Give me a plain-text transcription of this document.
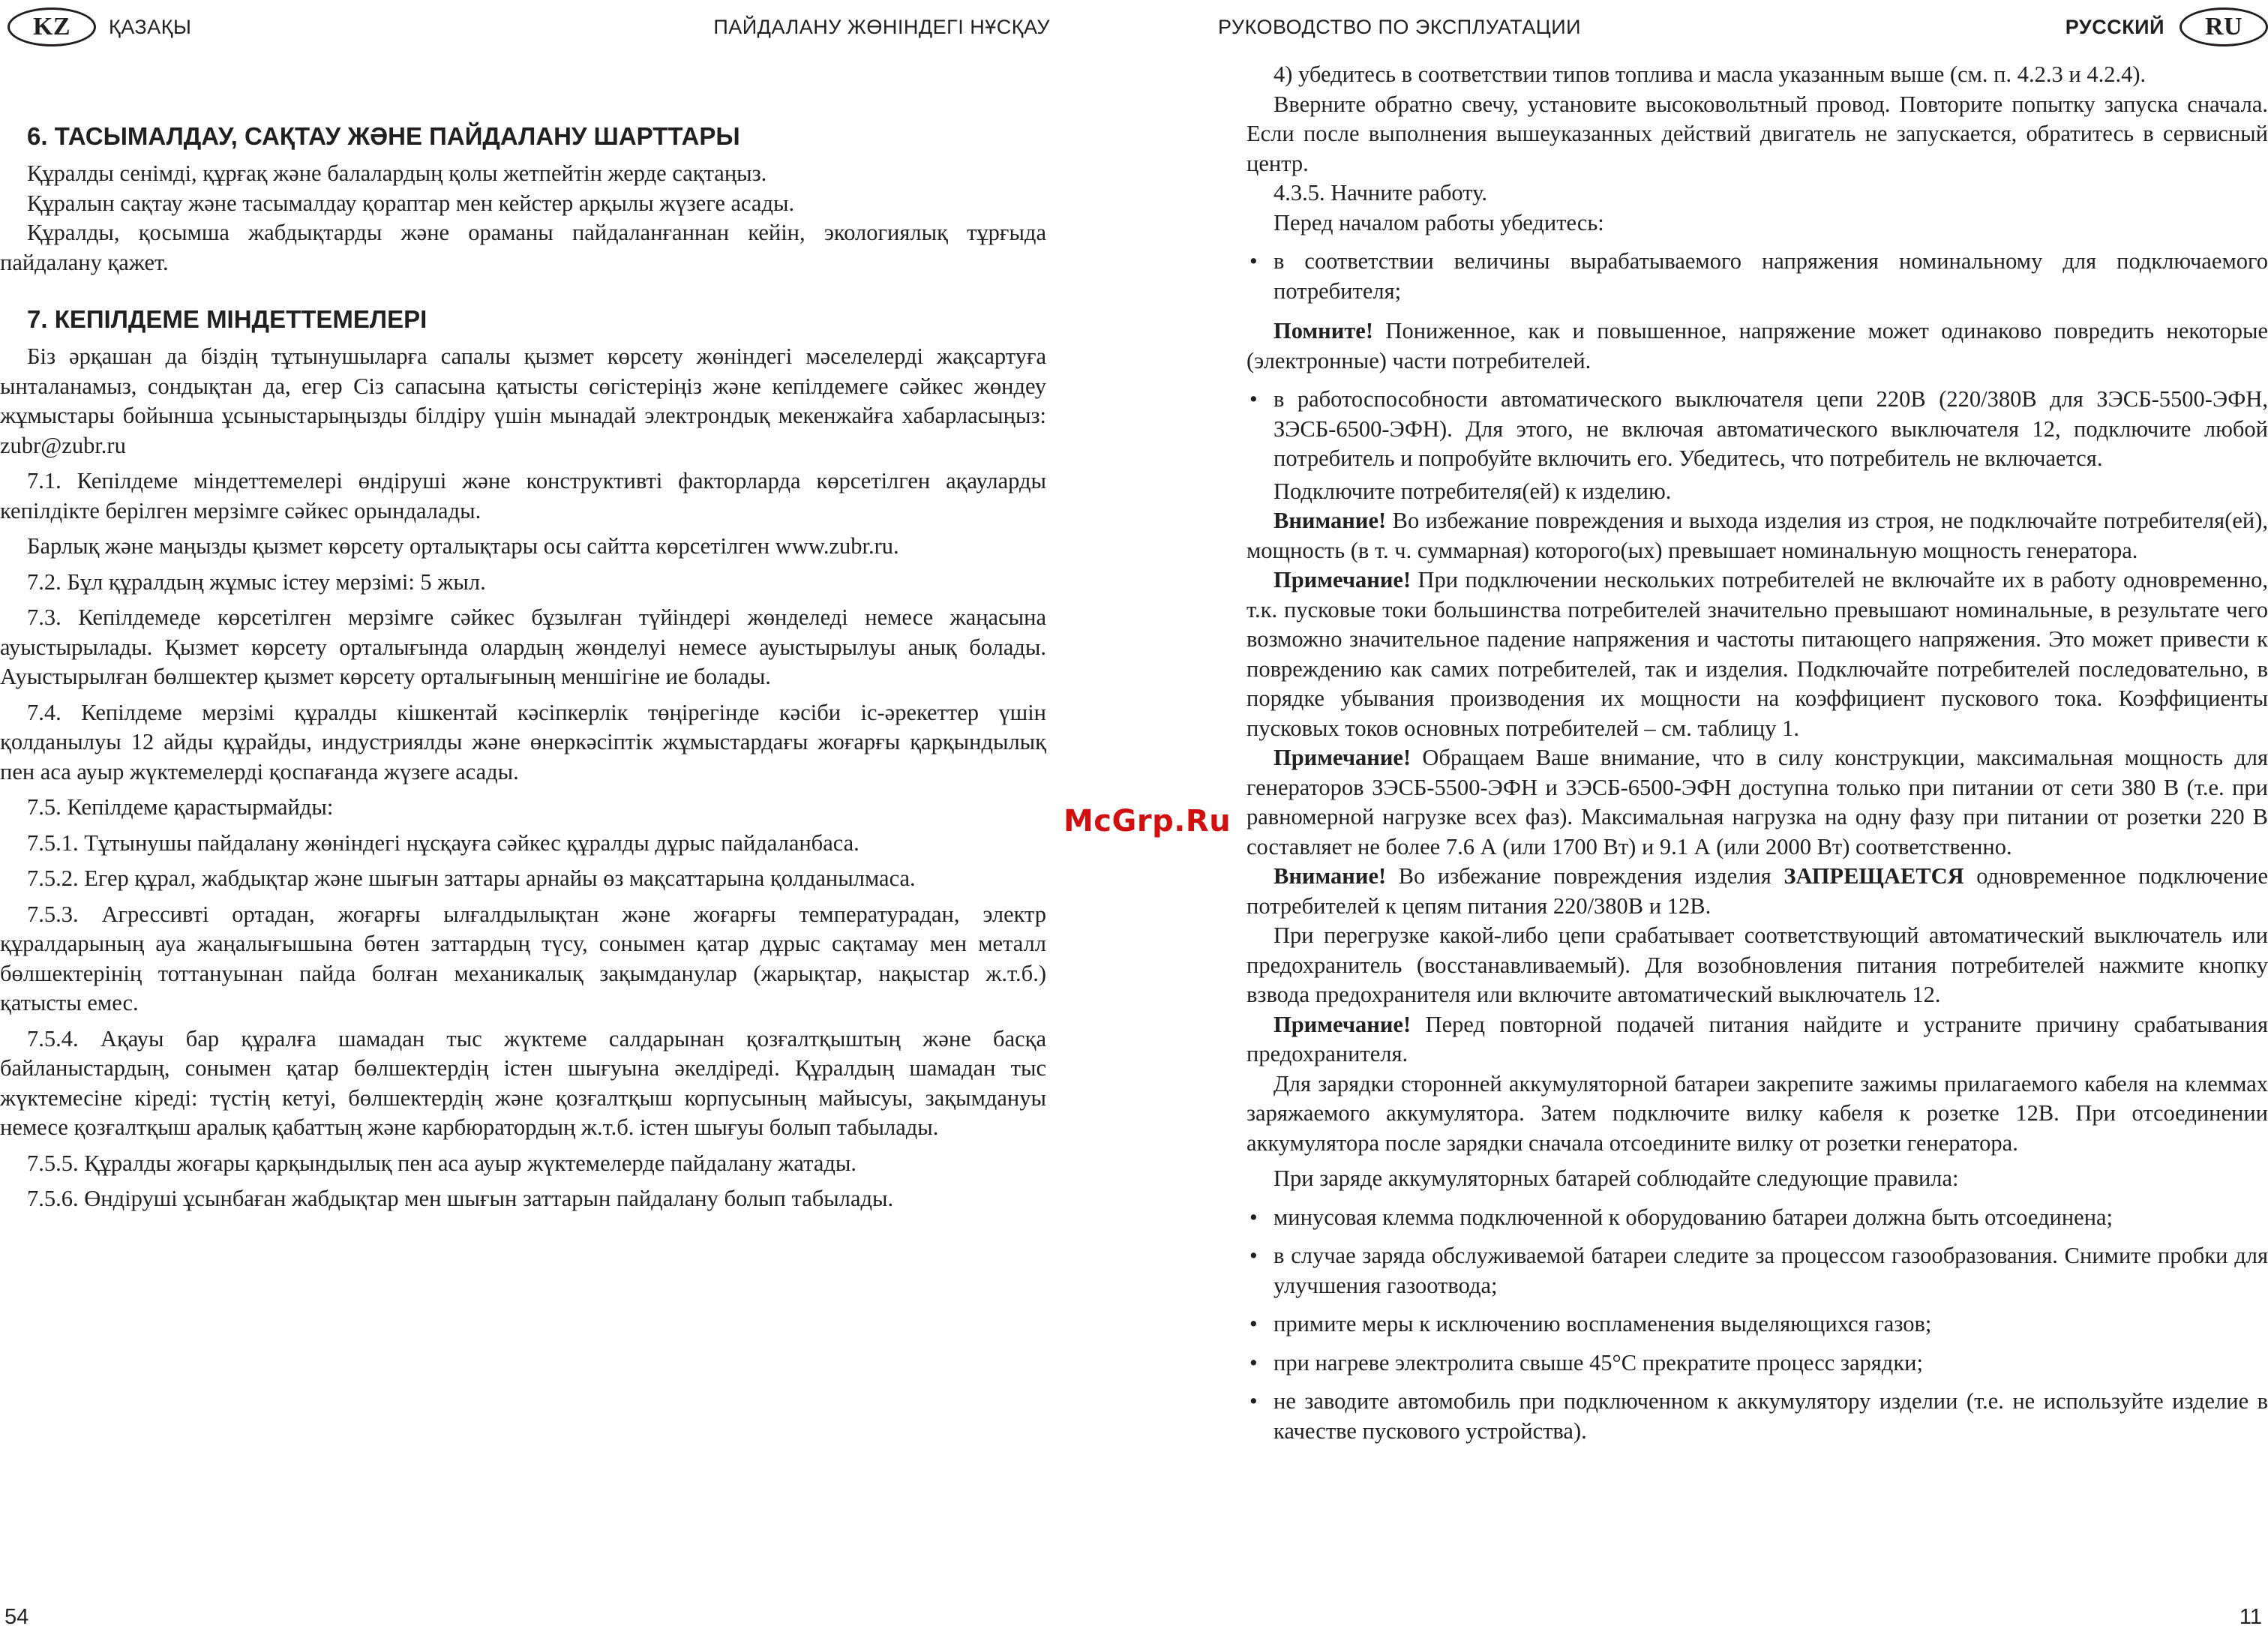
KZ	ҚАЗАҚЫ	ПАЙДАЛАНУ ЖӨНІНДЕГІ НҰСҚАУ
6. ТАСЫМАЛДАУ, САҚТАУ ЖӘНЕ ПАЙДАЛАНУ ШАРТТАРЫ

Құралды сенімді, құрғақ және балалардың қолы жетпейтін жерде сақтаңыз.

Құралын сақтау және тасымалдау қораптар мен кейстер арқылы жүзеге асады.

Құралды, қосымша жабдықтарды және ораманы пайдаланғаннан кейін, экологиялық тұрғыда пайдалану қажет.

7. КЕПІЛДЕМЕ МІНДЕТТЕМЕЛЕРІ

Біз әрқашан да біздің тұтынушыларға сапалы қызмет көрсету жөніндегі мәселелерді жақсартуға ынталанамыз, сондықтан да, егер Сіз сапасына қатысты сөгістеріңіз және кепілдемеге сәйкес жөндеу жұмыстары бойынша ұсыныстарыңызды білдіру үшін мынадай электрондық мекенжайға хабарласыңыз: zubr@zubr.ru

7.1. Кепілдеме міндеттемелері өндіруші және конструктивті факторларда көрсетілген ақауларды кепілдікте берілген мерзімге сәйкес орындалады.

Барлық және маңызды қызмет көрсету орталықтары осы сайтта көрсетілген www.zubr.ru.

7.2. Бұл құралдың жұмыс істеу мерзімі: 5 жыл.

7.3. Кепілдемеде көрсетілген мерзімге сәйкес бұзылған түйіндері жөнделеді немесе жаңасына ауыстырылады. Қызмет көрсету орталығында олардың жөнделуі немесе ауыстырылуы анық болады. Ауыстырылған бөлшектер қызмет көрсету орталығының меншігіне ие болады.

7.4. Кепілдеме мерзімі құралды кішкентай кәсіпкерлік төңірегінде кәсіби іс-әрекеттер үшін қолданылуы 12 айды құрайды, индустриялды және өнеркәсіптік жұмыстардағы жоғарғы қарқындылық пен аса ауыр жүктемелерді қоспағанда жүзеге асады.

7.5. Кепілдеме қарастырмайды:

7.5.1. Тұтынушы пайдалану жөніндегі нұсқауға сәйкес құралды дұрыс пайдаланбаса.

7.5.2. Егер құрал, жабдықтар және шығын заттары арнайы өз мақсаттарына қолданылмаса.

7.5.3. Агрессивті ортадан, жоғарғы ылғалдылықтан және жоғарғы температурадан, электр құралдарының ауа жаңалығышына бөтен заттардың түсу, сонымен қатар дұрыс сақтамау мен металл бөлшектерінің тоттануынан пайда болған механикалық зақымданулар (жарықтар, нақыстар ж.т.б.) қатысты емес.

7.5.4. Ақауы бар құралға шамадан тыс жүктеме салдарынан қозғалтқыштың және басқа байланыстардың, сонымен қатар бөлшектердің істен шығуына әкелдіреді. Құралдың шамадан тыс жүктемесіне кіреді: түстің кетуі, бөлшектердің және қозғалтқыш корпусының майысуы, зақымдануы немесе қозғалтқыш аралық қабаттың және карбюратордың ж.т.б. істен шығуы болып табылады.

7.5.5. Құралды жоғары қарқындылық пен аса ауыр жүктемелерде пайдалану жатады.

7.5.6. Өндіруші ұсынбаған жабдықтар мен шығын заттарын пайдалану болып табылады.

54
РУКОВОДСТВО ПО ЭКСПЛУАТАЦИИ	РУССКИЙ	RU

4) убедитесь в соответствии типов топлива и масла указанным выше (см. п. 4.2.3 и 4.2.4).

Вверните обратно свечу, установите высоковольтный провод. Повторите попытку запуска сначала. Если после выполнения вышеуказанных действий двигатель не запускается, обратитесь в сервисный центр.

4.3.5. Начните работу.

Перед началом работы убедитесь:

• в соответствии величины вырабатываемого напряжения номинальному для подключаемого потребителя;

Помните! Пониженное, как и повышенное, напряжение может одинаково повредить некоторые (электронные) части потребителей.

• в работоспособности автоматического выключателя цепи 220В (220/380В для ЗЭСБ-5500-ЭФН, ЗЭСБ-6500-ЭФН). Для этого, не включая автоматического выключателя 12, подключите любой потребитель и попробуйте включить его. Убедитесь, что потребитель не включается.

Подключите потребителя(ей) к изделию.

Внимание! Во избежание повреждения и выхода изделия из строя, не подключайте потребителя(ей), мощность (в т. ч. суммарная) которого(ых) превышает номинальную мощность генератора.

Примечание! При подключении нескольких потребителей не включайте их в работу одновременно, т.к. пусковые токи большинства потребителей значительно превышают номинальные, в результате чего возможно значительное падение напряжения и частоты питающего напряжения. Это может привести к повреждению как самих потребителей, так и изделия. Подключайте потребителей последовательно, в порядке убывания производения их мощности на коэффициент пускового тока. Коэффициенты пусковых токов основных потребителей – см. таблицу 1.

Примечание! Обращаем Ваше внимание, что в силу конструкции, максимальная мощность для генераторов ЗЭСБ-5500-ЭФН и ЗЭСБ-6500-ЭФН доступна только при питании от сети 380 В (т.е. при равномерной нагрузке всех фаз). Максимальная нагрузка на одну фазу при питании от розетки 220 В составляет не более 7.6 А (или 1700 Вт) и 9.1 А (или 2000 Вт) соответственно.

Внимание! Во избежание повреждения изделия ЗАПРЕЩАЕТСЯ одновременное подключение потребителей к цепям питания 220/380В и 12В.

При перегрузке какой-либо цепи срабатывает соответствующий автоматический выключатель или предохранитель (восстанавливаемый). Для возобновления питания потребителей нажмите кнопку взвода предохранителя или включите автоматический выключатель 12.

Примечание! Перед повторной подачей питания найдите и устраните причину срабатывания предохранителя.

Для зарядки сторонней аккумуляторной батареи закрепите зажимы прилагаемого кабеля на клеммах заряжаемого аккумулятора. Затем подключите вилку кабеля к розетке 12В. При отсоединении аккумулятора после зарядки сначала отсоедините вилку от розетки генератора.

При заряде аккумуляторных батарей соблюдайте следующие правила:

• минусовая клемма подключенной к оборудованию батареи должна быть отсоединена;
• в случае заряда обслуживаемой батареи следите за процессом газообразования. Снимите пробки для улучшения газоотвода;
• примите меры к исключению воспламенения выделяющихся газов;
• при нагреве электролита свыше 45°С прекратите процесс зарядки;
• не заводите автомобиль при подключенном к аккумулятору изделии (т.е. не используйте изделие в качестве пускового устройства).
11
McGrp.Ru
